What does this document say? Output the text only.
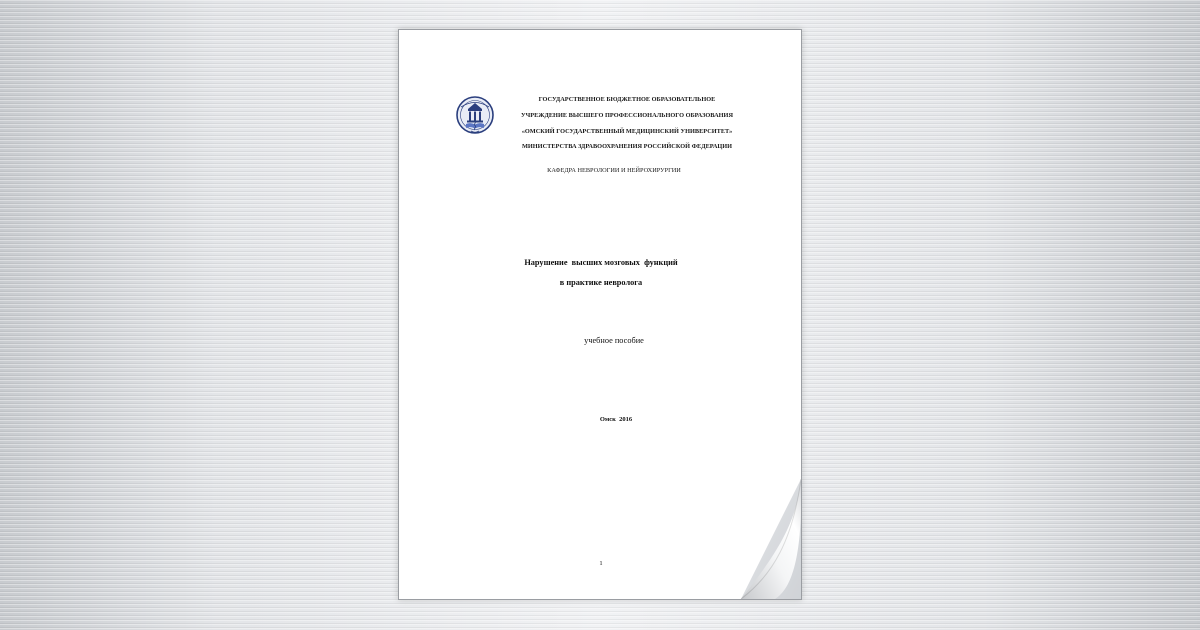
ГОСУДАРСТВЕННОЕ БЮДЖЕТНОЕ ОБРАЗОВАТЕЛЬНОЕ
УЧРЕЖДЕНИЕ ВЫСШЕГО ПРОФЕССИОНАЛЬНОГО ОБРАЗОВАНИЯ
«ОМСКИЙ ГОСУДАРСТВЕННЫЙ МЕДИЦИНСКИЙ УНИВЕРСИТЕТ»
МИНИСТЕРСТВА ЗДРАВООХРАНЕНИЯ РОССИЙСКОЙ ФЕДЕРАЦИИ
КАФЕДРА НЕВРОЛОГИИ И НЕЙРОХИРУРГИИ
Нарушение  высших мозговых  функций
в практике невролога
учебное пособие
Омск  2016
1
